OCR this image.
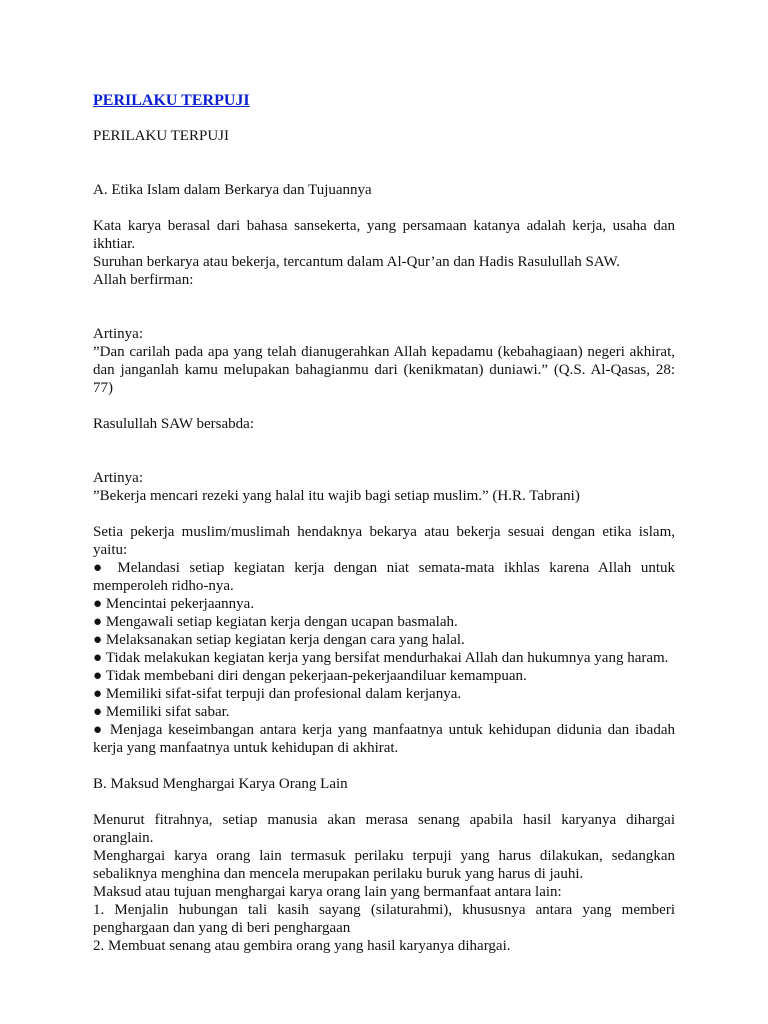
PERILAKU TERPUJI

PERILAKU TERPUJI

A. Etika Islam dalam Berkarya dan Tujuannya

Kata karya berasal dari bahasa sansekerta, yang persamaan katanya adalah kerja, usaha dan ikhtiar.

Suruhan berkarya atau bekerja, tercantum dalam Al-Qur’an dan Hadis Rasulullah SAW.

Allah berfirman:

Artinya:

”Dan carilah pada apa yang telah dianugerahkan Allah kepadamu (kebahagiaan) negeri akhirat, dan janganlah kamu melupakan bahagianmu dari (kenikmatan) duniawi.” (Q.S. Al-Qasas, 28: 77)

Rasulullah SAW bersabda:

Artinya:

”Bekerja mencari rezeki yang halal itu wajib bagi setiap muslim.” (H.R. Tabrani)

Setia pekerja muslim/muslimah hendaknya bekarya atau bekerja sesuai dengan etika islam, yaitu:

● Melandasi setiap kegiatan kerja dengan niat semata-mata ikhlas karena Allah untuk memperoleh ridho-nya.

● Mencintai pekerjaannya.

● Mengawali setiap kegiatan kerja dengan ucapan basmalah.

● Melaksanakan setiap kegiatan kerja dengan cara yang halal.

● Tidak melakukan kegiatan kerja yang bersifat mendurhakai Allah dan hukumnya yang haram.

● Tidak membebani diri dengan pekerjaan-pekerjaandiluar kemampuan.

● Memiliki sifat-sifat terpuji dan profesional dalam kerjanya.

● Memiliki sifat sabar.

● Menjaga keseimbangan antara kerja yang manfaatnya untuk kehidupan didunia dan ibadah kerja yang manfaatnya untuk kehidupan di akhirat.

B. Maksud Menghargai Karya Orang Lain

Menurut fitrahnya, setiap manusia akan merasa senang apabila hasil karyanya dihargai oranglain.

Menghargai karya orang lain termasuk perilaku terpuji yang harus dilakukan, sedangkan sebaliknya menghina dan mencela merupakan perilaku buruk yang harus di jauhi.

Maksud atau tujuan menghargai karya orang lain yang bermanfaat antara lain:

1. Menjalin hubungan tali kasih sayang (silaturahmi), khususnya antara yang memberi penghargaan dan yang di beri penghargaan

2. Membuat senang atau gembira orang yang hasil karyanya dihargai.
